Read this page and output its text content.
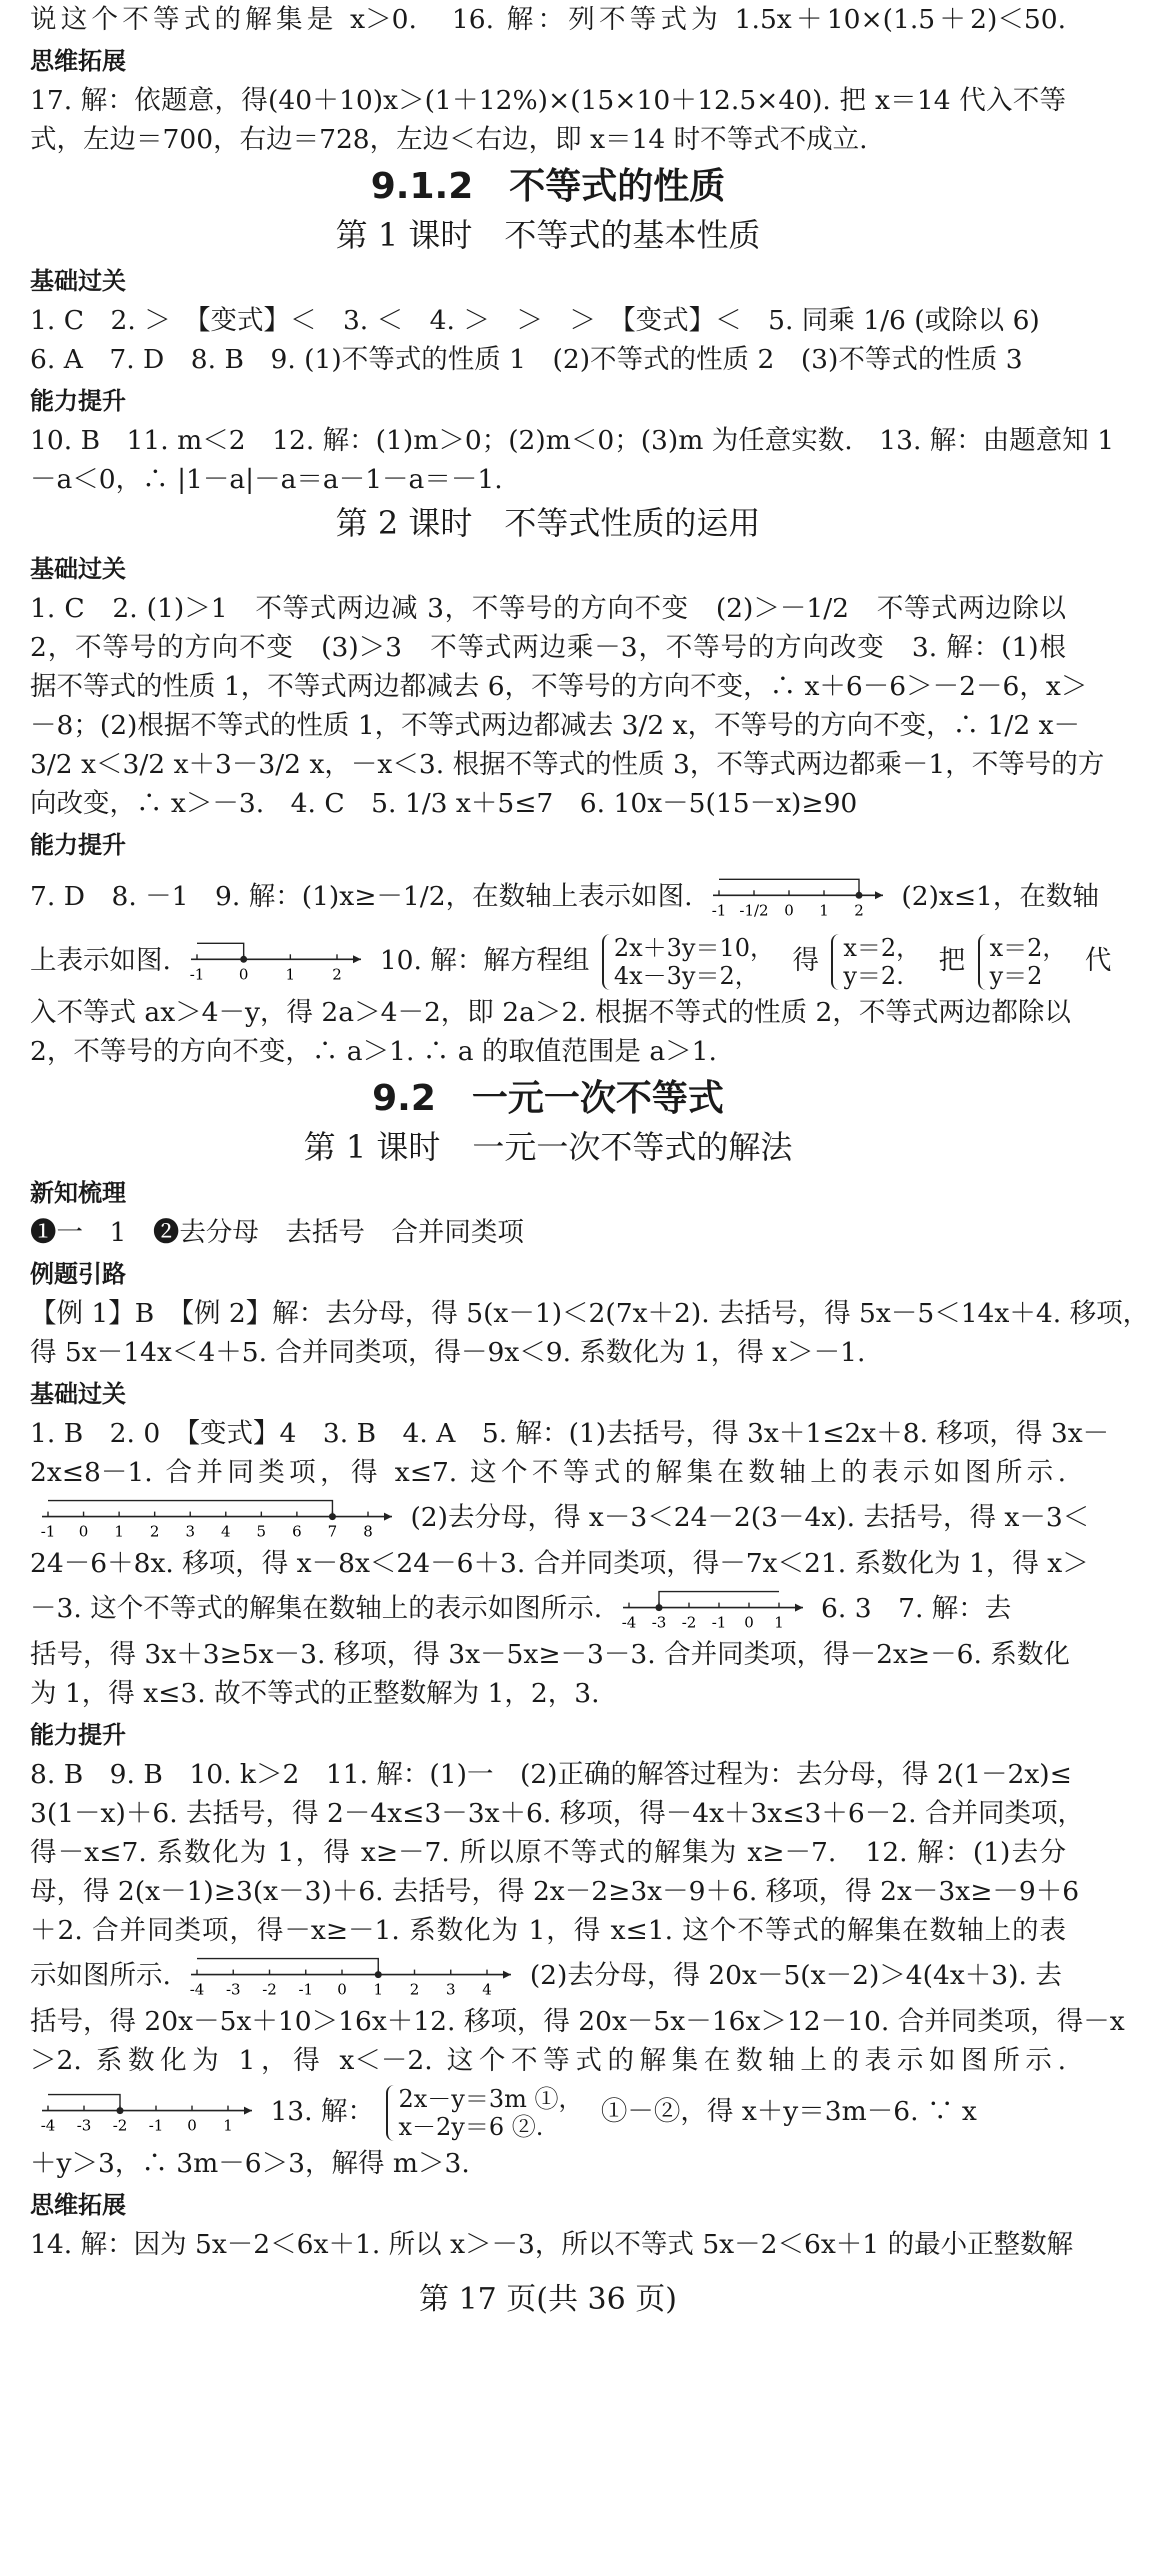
说这个不等式的解集是 x＞0.　16. 解：列不等式为 1.5x＋10×(1.5＋2)＜50.
思维拓展
17. 解：依题意，得(40＋10)x＞(1＋12%)×(15×10＋12.5×40). 把 x＝14 代入不等
式，左边＝700，右边＝728，左边＜右边，即 x＝14 时不等式不成立.
9.1.2　不等式的性质
第 1 课时　不等式的基本性质
基础过关
1. C　2. ＞　【变式】＜　3. ＜　4. ＞　＞　＞　【变式】＜　5. 同乘 1/6 (或除以 6)
6. A　7. D　8. B　9. (1)不等式的性质 1　(2)不等式的性质 2　(3)不等式的性质 3
能力提升
10. B　11. m＜2　12. 解：(1)m＞0；(2)m＜0；(3)m 为任意实数.　13. 解：由题意知 1
－a＜0，∴ |1－a|－a＝a－1－a＝－1.
第 2 课时　不等式性质的运用
基础过关
1. C　2. (1)＞1　不等式两边减 3，不等号的方向不变　(2)＞－1/2　不等式两边除以
2，不等号的方向不变　(3)＞3　不等式两边乘－3，不等号的方向改变　3. 解：(1)根
据不等式的性质 1，不等式两边都减去 6，不等号的方向不变，∴ x＋6－6＞－2－6，x＞
－8；(2)根据不等式的性质 1，不等式两边都减去 3/2 x，不等号的方向不变，∴ 1/2 x－
3/2 x＜3/2 x＋3－3/2 x，－x＜3. 根据不等式的性质 3，不等式两边都乘－1，不等号的方
向改变，∴ x＞－3.　4. C　5. 1/3 x＋5≤7　6. 10x－5(15－x)≥90
能力提升
7. D　8. －1　9. 解：(1)x≥－1/2，在数轴上表示如图. -1 -1/2 0 1 2 (2)x≤1，在数轴
上表示如图. -1 0 1 2 10. 解：解方程组 2x＋3y＝10，
4x－3y＝2，	得 x＝2，
y＝2.	把 x＝2，
y＝2	代
入不等式 ax＞4－y，得 2a＞4－2，即 2a＞2. 根据不等式的性质 2，不等式两边都除以
2，不等号的方向不变，∴ a＞1. ∴ a 的取值范围是 a＞1.
9.2　一元一次不等式
第 1 课时　一元一次不等式的解法
新知梳理
❶一　1　❷去分母　去括号　合并同类项
例题引路
【例 1】B　【例 2】解：去分母，得 5(x－1)＜2(7x＋2). 去括号，得 5x－5＜14x＋4. 移项，
得 5x－14x＜4＋5. 合并同类项，得－9x＜9. 系数化为 1，得 x＞－1.
基础过关
1. B　2. 0　【变式】4　3. B　4. A　5. 解：(1)去括号，得 3x＋1≤2x＋8. 移项，得 3x－
2x≤8－1. 合并同类项，得 x≤7. 这个不等式的解集在数轴上的表示如图所示.
-1 0 1 2 3 4 5 6 7 8 (2)去分母，得 x－3＜24－2(3－4x). 去括号，得 x－3＜
24－6＋8x. 移项，得 x－8x＜24－6＋3. 合并同类项，得－7x＜21. 系数化为 1，得 x＞
－3. 这个不等式的解集在数轴上的表示如图所示. -4 -3 -2 -1 0 1 6. 3　7. 解：去
括号，得 3x＋3≥5x－3. 移项，得 3x－5x≥－3－3. 合并同类项，得－2x≥－6. 系数化
为 1，得 x≤3. 故不等式的正整数解为 1，2，3.
能力提升
8. B　9. B　10. k＞2　11. 解：(1)一　(2)正确的解答过程为：去分母，得 2(1－2x)≤
3(1－x)＋6. 去括号，得 2－4x≤3－3x＋6. 移项，得－4x＋3x≤3＋6－2. 合并同类项，
得－x≤7. 系数化为 1，得 x≥－7. 所以原不等式的解集为 x≥－7.　12. 解：(1)去分
母，得 2(x－1)≥3(x－3)＋6. 去括号，得 2x－2≥3x－9＋6. 移项，得 2x－3x≥－9＋6
＋2. 合并同类项，得－x≥－1. 系数化为 1，得 x≤1. 这个不等式的解集在数轴上的表
示如图所示. -4 -3 -2 -1 0 1 2 3 4 (2)去分母，得 20x－5(x－2)＞4(4x＋3). 去
括号，得 20x－5x＋10＞16x＋12. 移项，得 20x－5x－16x＞12－10. 合并同类项，得－x
＞2. 系数化为 1，得 x＜－2. 这个不等式的解集在数轴上的表示如图所示.
-4 -3 -2 -1 0 1 13. 解： 2x－y＝3m ①，
x－2y＝6 ②.	①－②，得 x＋y＝3m－6. ∵ x
＋y＞3，∴ 3m－6＞3，解得 m＞3.
思维拓展
14. 解：因为 5x－2＜6x＋1. 所以 x＞－3，所以不等式 5x－2＜6x＋1 的最小正整数解
第 17 页(共 36 页)
